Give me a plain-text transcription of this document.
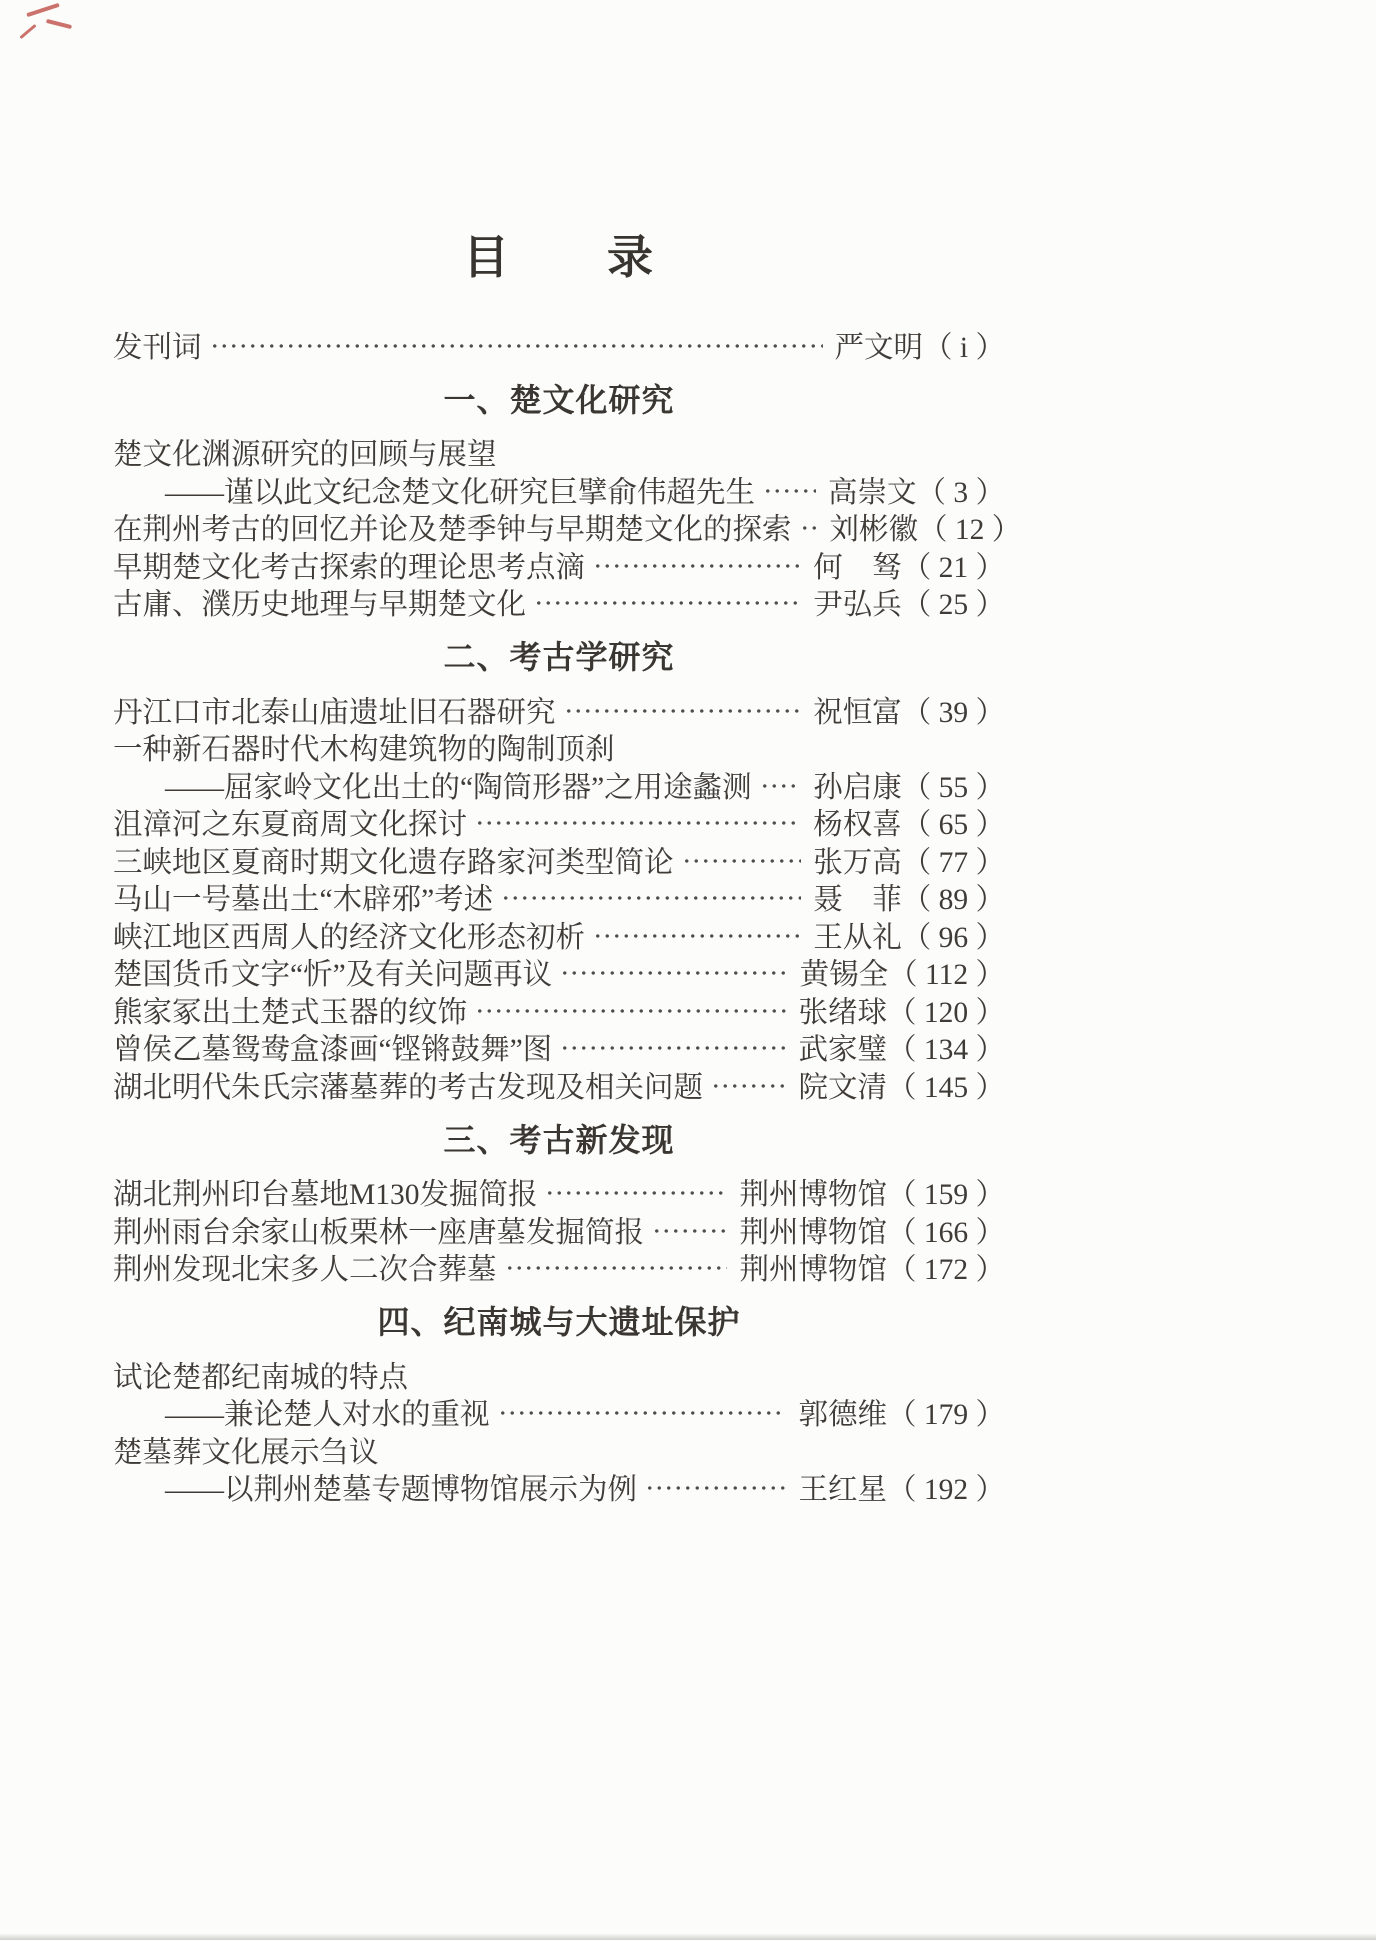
目　　录
发刊词	严文明 （ i ）
一、楚文化研究
楚文化渊源研究的回顾与展望
——谨以此文纪念楚文化研究巨擘俞伟超先生 高崇文 （ 3 ）
在荆州考古的回忆并论及楚季钟与早期楚文化的探索 刘彬徽 （ 12 ）
早期楚文化考古探索的理论思考点滴	何　驽 （ 21 ）
古庸、濮历史地理与早期楚文化	尹弘兵 （ 25 ）
二、考古学研究
丹江口市北泰山庙遗址旧石器研究	祝恒富 （ 39 ）
一种新石器时代木构建筑物的陶制顶刹
——屈家岭文化出土的“陶筒形器”之用途蠡测 孙启康 （ 55 ）
沮漳河之东夏商周文化探讨	杨权喜 （ 65 ）
三峡地区夏商时期文化遗存路家河类型简论	张万高 （ 77 ）
马山一号墓出土“木辟邪”考述	聂　菲 （ 89 ）
峡江地区西周人的经济文化形态初析	王从礼 （ 96 ）
楚国货币文字“忻”及有关问题再议	黄锡全 （ 112 ）
熊家冢出土楚式玉器的纹饰	张绪球 （ 120 ）
曾侯乙墓鸳鸯盒漆画“铿锵鼓舞”图	武家璧 （ 134 ）
湖北明代朱氏宗藩墓葬的考古发现及相关问题	院文清 （ 145 ）
三、考古新发现
湖北荆州印台墓地M130发掘简报	荆州博物馆 （ 159 ）
荆州雨台余家山板栗林一座唐墓发掘简报	荆州博物馆 （ 166 ）
荆州发现北宋多人二次合葬墓	荆州博物馆 （ 172 ）
四、纪南城与大遗址保护
试论楚都纪南城的特点
——兼论楚人对水的重视	郭德维 （ 179 ）
楚墓葬文化展示刍议
——以荆州楚墓专题博物馆展示为例	王红星 （ 192 ）
